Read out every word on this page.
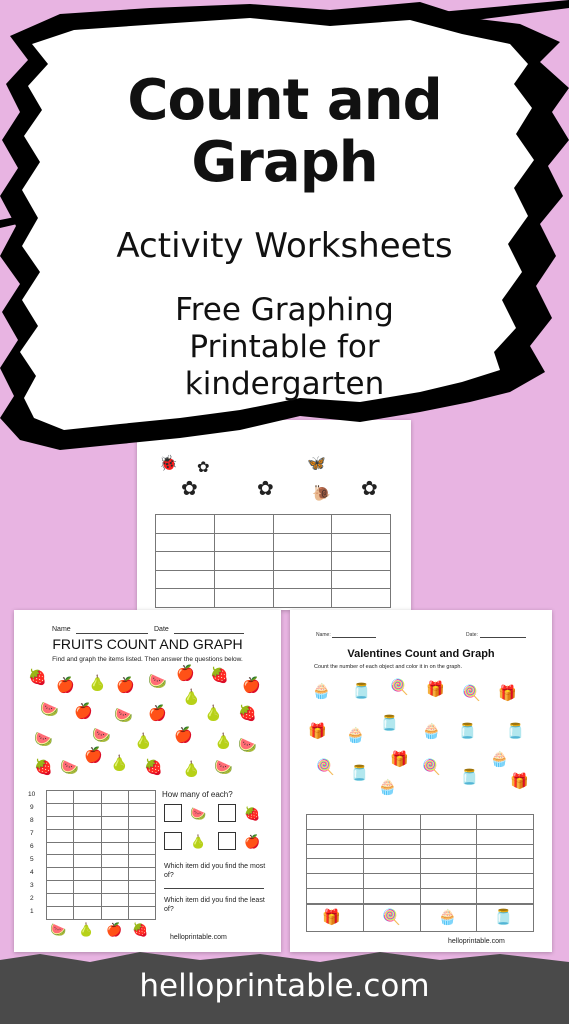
🐞 ✿	🦋
✿	✿	🐌 ✿

Count and
Graph
Activity Worksheets
Free Graphing
Printable for
kindergarten
Name	Date
FRUITS COUNT AND GRAPH
Find and graph the items listed. Then answer the questions below.
🍓 🍎 🍐 🍎 🍉 🍎 🍓
🍎
🍉 🍎 🍉 🍎
🍐
🍐 🍓
🍉	🍉 🍐 🍎 🍐 🍉
🍓 🍉
🍎 🍐 🍓 🍐 🍉
10
9
8
7
6
5
4
3
2
1

🍉 🍐 🍎 🍓
How many of each?
🍉	🍓
🍐	🍎
Which item did you find the most of?
Which item did you find the least of?
helloprintable.com
Name:	Date:
Valentines Count and Graph
Count the number of each object and color it in on the graph.
🧁 🫙 🍭 🎁 🍭 🎁
🎁 🧁
🫙 🧁 🫙 🫙
🍭 🫙
🎁 🍭
🫙
🧁
🧁	🎁

🎁	🍭 🧁 🫙
helloprintable.com
helloprintable.com
